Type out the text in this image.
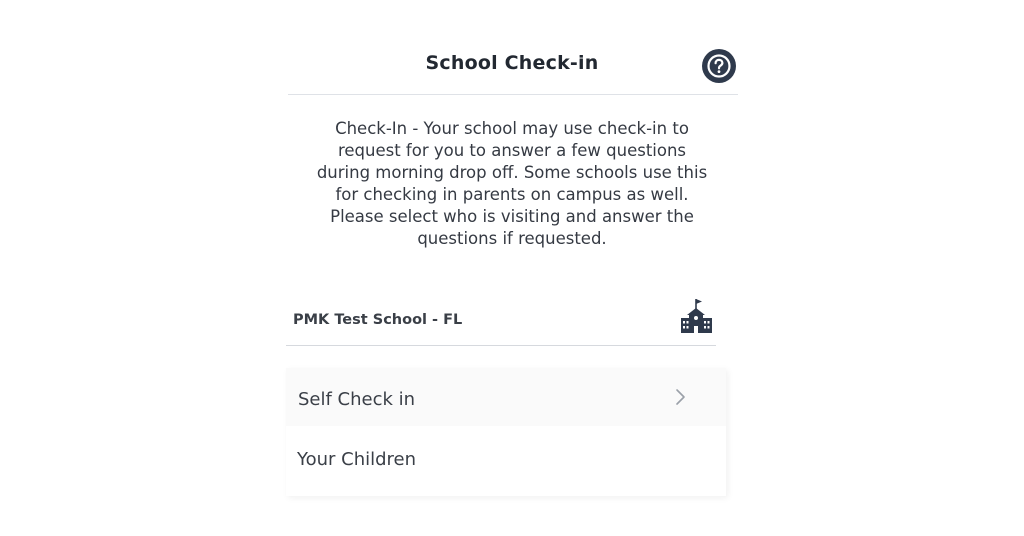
School Check-in
Check-In - Your school may use check-in to
request for you to answer a few questions
during morning drop off. Some schools use this
for checking in parents on campus as well.
Please select who is visiting and answer the
questions if requested.
PMK Test School - FL
Self Check in
Your Children
